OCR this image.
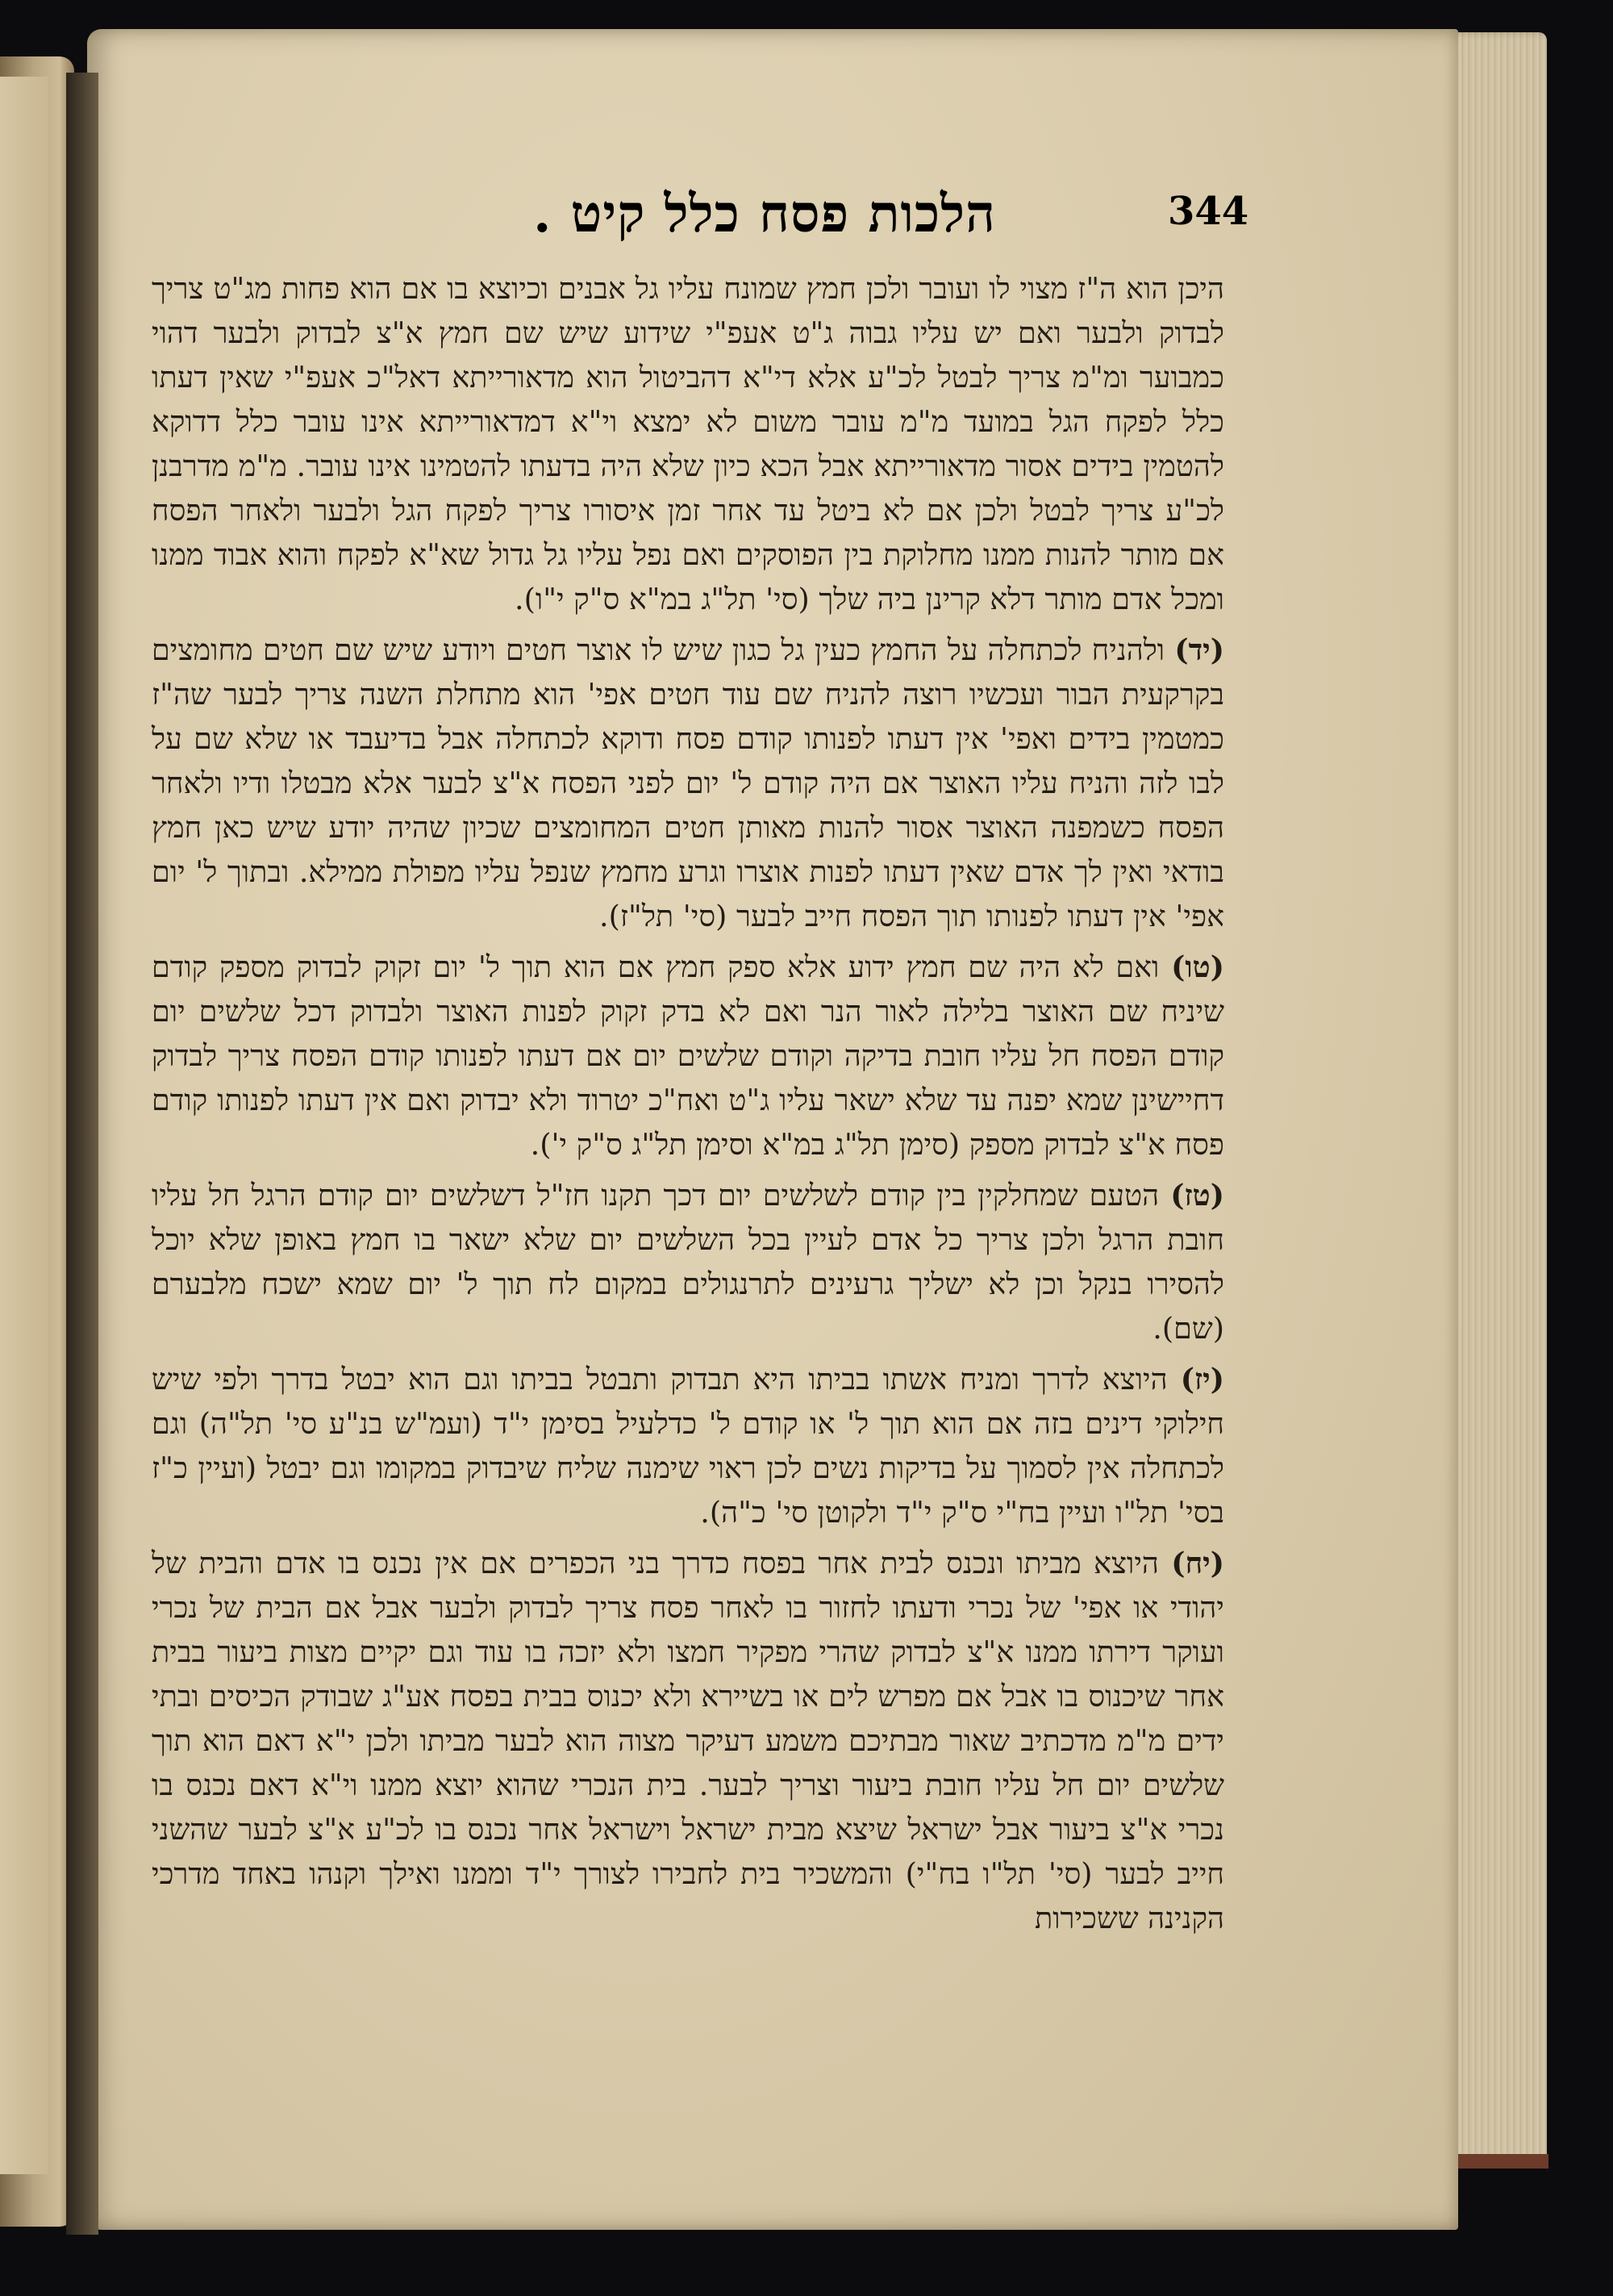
344
הלכות פסח כלל קיט .

היכן הוא ה"ז מצוי לו ועובר ולכן חמץ שמונח עליו גל אבנים וכיוצא בו אם הוא פחות מג"ט צריך לבדוק ולבער ואם יש עליו גבוה ג"ט אעפ"י שידוע שיש שם חמץ א"צ לבדוק ולבער דהוי כמבוער ומ"מ צריך לבטל לכ"ע אלא די"א דהביטול הוא מדאורייתא דאל"כ אעפ"י שאין דעתו כלל לפקח הגל במועד מ"מ עובר משום לא ימצא וי"א דמדאורייתא אינו עובר כלל דדוקא להטמין בידים אסור מדאורייתא אבל הכא כיון שלא היה בדעתו להטמינו אינו עובר. מ"מ מדרבנן לכ"ע צריך לבטל ולכן אם לא ביטל עד אחר זמן איסורו צריך לפקח הגל ולבער ולאחר הפסח אם מותר להנות ממנו מחלוקת בין הפוסקים ואם נפל עליו גל גדול שא"א לפקח והוא אבוד ממנו ומכל אדם מותר דלא קרינן ביה שלך (סי' תל"ג במ"א ס"ק י"ו).

(יד) ולהניח לכתחלה על החמץ כעין גל כגון שיש לו אוצר חטים ויודע שיש שם חטים מחומצים בקרקעית הבור ועכשיו רוצה להניח שם עוד חטים אפי' הוא מתחלת השנה צריך לבער שה"ז כמטמין בידים ואפי' אין דעתו לפנותו קודם פסח ודוקא לכתחלה אבל בדיעבד או שלא שם על לבו לזה והניח עליו האוצר אם היה קודם ל' יום לפני הפסח א"צ לבער אלא מבטלו ודיו ולאחר הפסח כשמפנה האוצר אסור להנות מאותן חטים המחומצים שכיון שהיה יודע שיש כאן חמץ בודאי ואין לך אדם שאין דעתו לפנות אוצרו וגרע מחמץ שנפל עליו מפולת ממילא. ובתוך ל' יום אפי' אין דעתו לפנותו תוך הפסח חייב לבער (סי' תל"ז).

(טו) ואם לא היה שם חמץ ידוע אלא ספק חמץ אם הוא תוך ל' יום זקוק לבדוק מספק קודם שיניח שם האוצר בלילה לאור הנר ואם לא בדק זקוק לפנות האוצר ולבדוק דכל שלשים יום קודם הפסח חל עליו חובת בדיקה וקודם שלשים יום אם דעתו לפנותו קודם הפסח צריך לבדוק דחיישינן שמא יפנה עד שלא ישאר עליו ג"ט ואח"כ יטרוד ולא יבדוק ואם אין דעתו לפנותו קודם פסח א"צ לבדוק מספק (סימן תל"ג במ"א וסימן תל"ג ס"ק י').

(טז) הטעם שמחלקין בין קודם לשלשים יום דכך תקנו חז"ל דשלשים יום קודם הרגל חל עליו חובת הרגל ולכן צריך כל אדם לעיין בכל השלשים יום שלא ישאר בו חמץ באופן שלא יוכל להסירו בנקל וכן לא ישליך גרעינים לתרנגולים במקום לח תוך ל' יום שמא ישכח מלבערם (שם).

(יז) היוצא לדרך ומניח אשתו בביתו היא תבדוק ותבטל בביתו וגם הוא יבטל בדרך ולפי שיש חילוקי דינים בזה אם הוא תוך ל' או קודם ל' כדלעיל בסימן י"ד (ועמ"ש בנ"ע סי' תל"ה) וגם לכתחלה אין לסמוך על בדיקות נשים לכן ראוי שימנה שליח שיבדוק במקומו וגם יבטל (ועיין כ"ז בסי' תל"ו ועיין בח"י ס"ק י"ד ולקוטן סי' כ"ה).

(יח) היוצא מביתו ונכנס לבית אחר בפסח כדרך בני הכפרים אם אין נכנס בו אדם והבית של יהודי או אפי' של נכרי ודעתו לחזור בו לאחר פסח צריך לבדוק ולבער אבל אם הבית של נכרי ועוקר דירתו ממנו א"צ לבדוק שהרי מפקיר חמצו ולא יזכה בו עוד וגם יקיים מצות ביעור בבית אחר שיכנוס בו אבל אם מפרש לים או בשיירא ולא יכנוס בבית בפסח אע"ג שבודק הכיסים ובתי ידים מ"מ מדכתיב שאור מבתיכם משמע דעיקר מצוה הוא לבער מביתו ולכן י"א דאם הוא תוך שלשים יום חל עליו חובת ביעור וצריך לבער. בית הנכרי שהוא יוצא ממנו וי"א דאם נכנס בו נכרי א"צ ביעור אבל ישראל שיצא מבית ישראל וישראל אחר נכנס בו לכ"ע א"צ לבער שהשני חייב לבער (סי' תל"ו בח"י) והמשכיר בית לחבירו לצורך י"ד וממנו ואילך וקנהו באחד מדרכי הקנינה ששכירות
